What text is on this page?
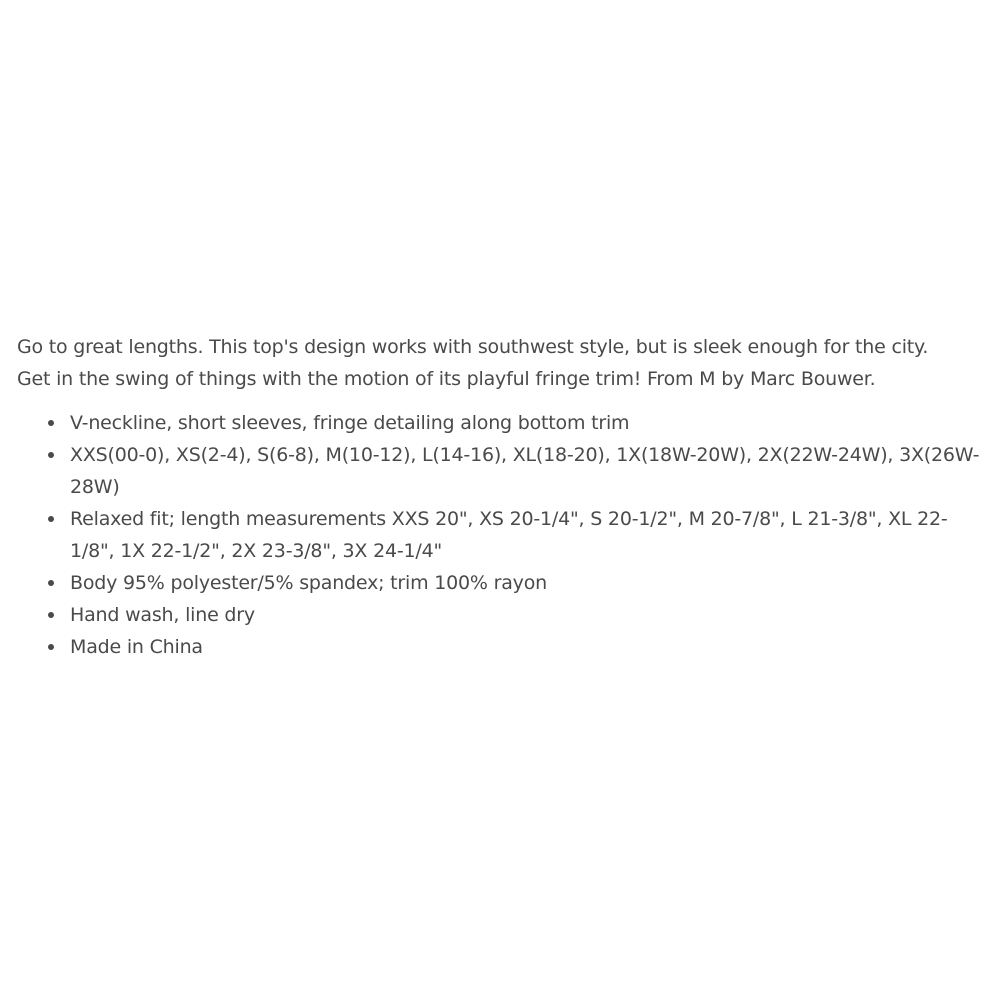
Go to great lengths. This top's design works with southwest style, but is sleek enough for the city.
Get in the swing of things with the motion of its playful fringe trim! From M by Marc Bouwer.

V-neckline, short sleeves, fringe detailing along bottom trim
XXS(00-0), XS(2-4), S(6-8), M(10-12), L(14-16), XL(18-20), 1X(18W-20W), 2X(22W-24W), 3X(26W-28W)
Relaxed fit; length measurements XXS 20", XS 20-1/4", S 20-1/2", M 20-7/8", L 21-3/8", XL 22-1/8", 1X 22-1/2", 2X 23-3/8", 3X 24-1/4"
Body 95% polyester/5% spandex; trim 100% rayon
Hand wash, line dry
Made in China
